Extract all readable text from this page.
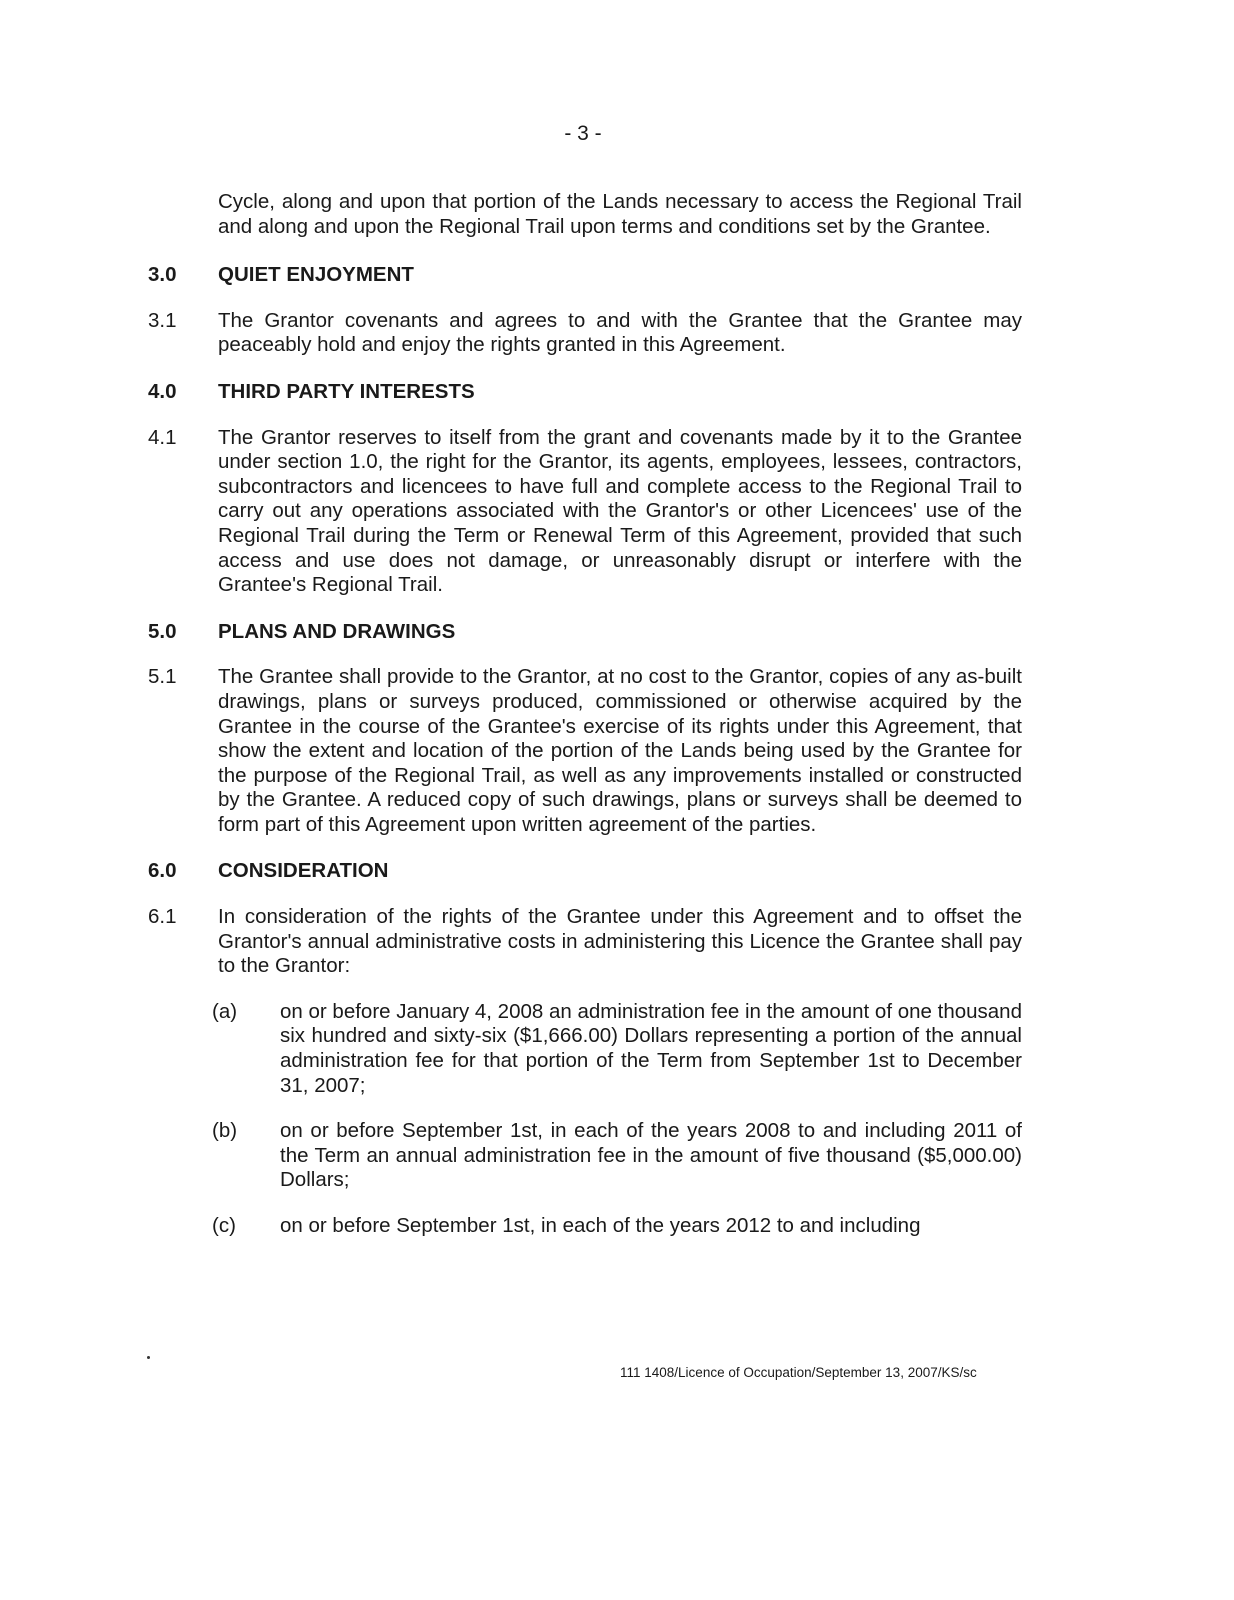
- 3 -
Cycle, along and upon that portion of the Lands necessary to access the Regional Trail and along and upon the Regional Trail upon terms and conditions set by the Grantee.
3.0 QUIET ENJOYMENT
3.1 The Grantor covenants and agrees to and with the Grantee that the Grantee may peaceably hold and enjoy the rights granted in this Agreement.
4.0 THIRD PARTY INTERESTS
4.1 The Grantor reserves to itself from the grant and covenants made by it to the Grantee under section 1.0, the right for the Grantor, its agents, employees, lessees, contractors, subcontractors and licencees to have full and complete access to the Regional Trail to carry out any operations associated with the Grantor's or other Licencees' use of the Regional Trail during the Term or Renewal Term of this Agreement, provided that such access and use does not damage, or unreasonably disrupt or interfere with the Grantee's Regional Trail.
5.0 PLANS AND DRAWINGS
5.1 The Grantee shall provide to the Grantor, at no cost to the Grantor, copies of any as-built drawings, plans or surveys produced, commissioned or otherwise acquired by the Grantee in the course of the Grantee's exercise of its rights under this Agreement, that show the extent and location of the portion of the Lands being used by the Grantee for the purpose of the Regional Trail, as well as any improvements installed or constructed by the Grantee. A reduced copy of such drawings, plans or surveys shall be deemed to form part of this Agreement upon written agreement of the parties.
6.0 CONSIDERATION
6.1 In consideration of the rights of the Grantee under this Agreement and to offset the Grantor's annual administrative costs in administering this Licence the Grantee shall pay to the Grantor:
(a) on or before January 4, 2008 an administration fee in the amount of one thousand six hundred and sixty-six ($1,666.00) Dollars representing a portion of the annual administration fee for that portion of the Term from September 1st to December 31, 2007;
(b) on or before September 1st, in each of the years 2008 to and including 2011 of the Term an annual administration fee in the amount of five thousand ($5,000.00) Dollars;
(c) on or before September 1st, in each of the years 2012 to and including
111 1408/Licence of Occupation/September 13, 2007/KS/sc
